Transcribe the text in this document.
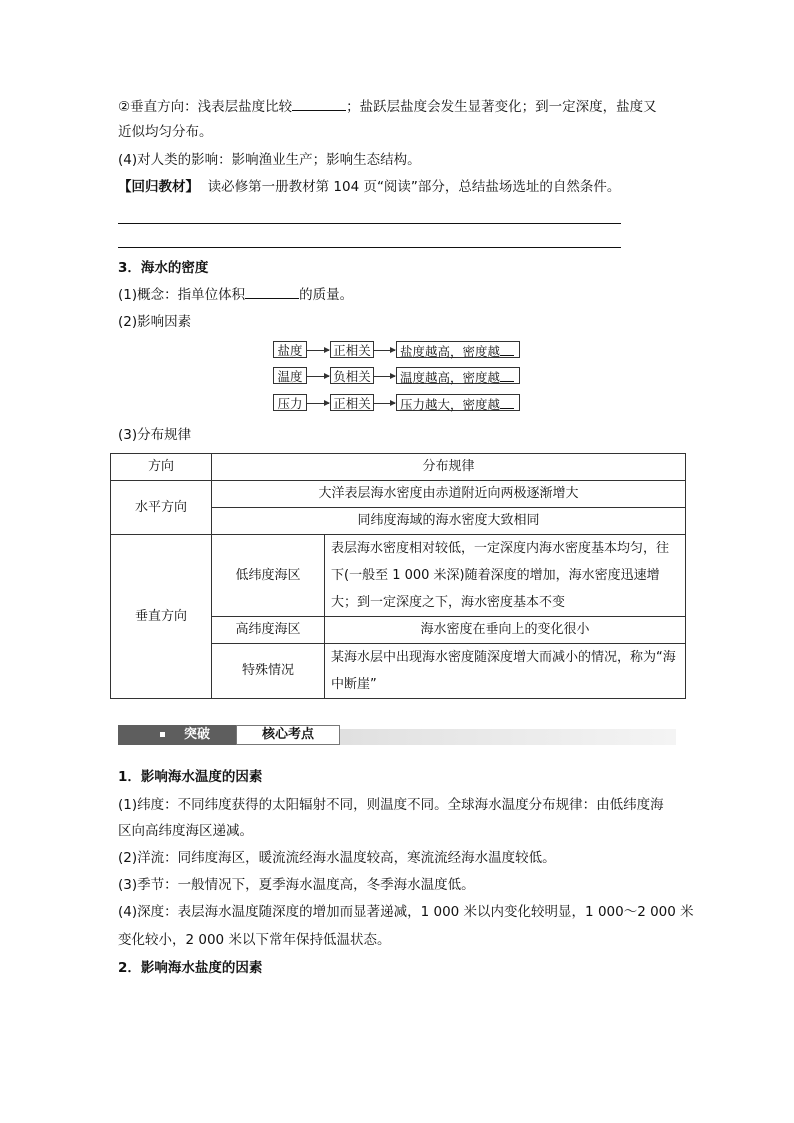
②垂直方向：浅表层盐度比较	；盐跃层盐度会发生显著变化；到一定深度，盐度又
近似均匀分布。
(4)对人类的影响：影响渔业生产；影响生态结构。
【回归教材】 读必修第一册教材第 104 页“阅读”部分，总结盐场选址的自然条件。
3．海水的密度
(1)概念：指单位体积	的质量。
(2)影响因素
盐度	正相关	盐度越高，密度越
温度	负相关	温度越高，密度越
压力	正相关	压力越大，密度越
(3)分布规律
方向	分布规律	
水平方向	大洋表层海水密度由赤道附近向两极逐渐增大	
	同纬度海域的海水密度大致相同	
垂直方向	低纬度海区	表层海水密度相对较低，一定深度内海水密度基本均匀，往下(一般至 1 000 米深)随着深度的增加，海水密度迅速增大；到一定深度之下，海水密度基本不变
	高纬度海区	海水密度在垂向上的变化很小
	特殊情况	某海水层中出现海水密度随深度增大而减小的情况，称为“海中断崖”
突破	核心考点
1．影响海水温度的因素
(1)纬度：不同纬度获得的太阳辐射不同，则温度不同。全球海水温度分布规律：由低纬度海
区向高纬度海区递减。
(2)洋流：同纬度海区，暖流流经海水温度较高，寒流流经海水温度较低。
(3)季节：一般情况下，夏季海水温度高，冬季海水温度低。
(4)深度：表层海水温度随深度的增加而显著递减，1 000 米以内变化较明显，1 000～2 000 米
变化较小，2 000 米以下常年保持低温状态。
2．影响海水盐度的因素
